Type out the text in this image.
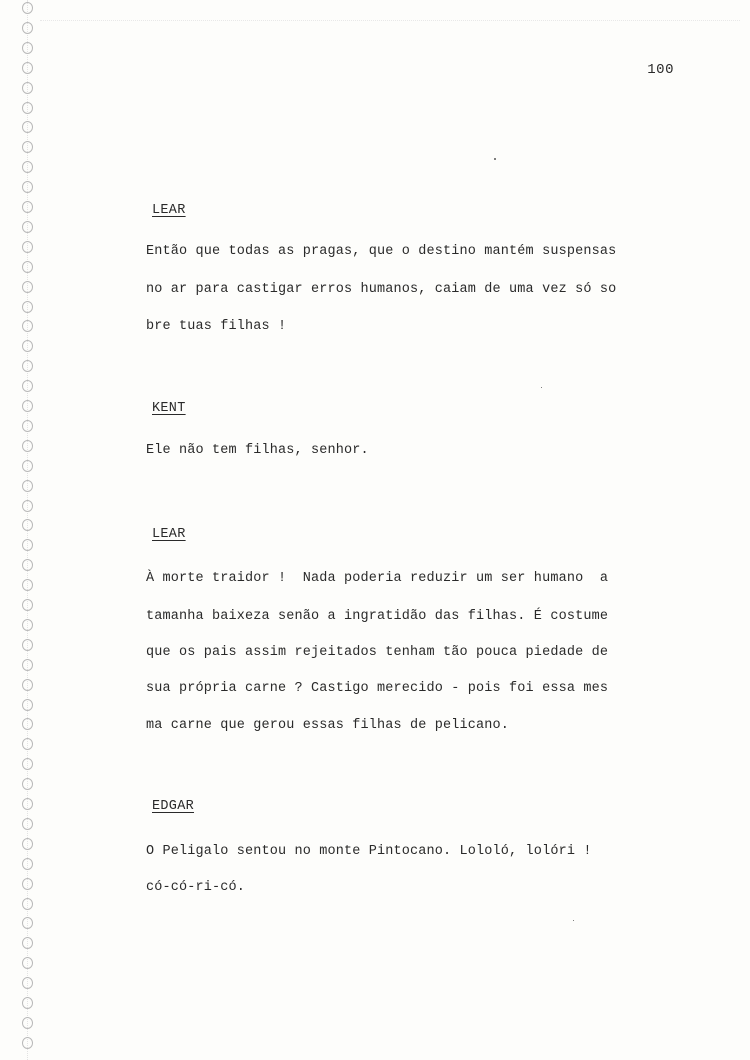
100
LEAR
Então que todas as pragas, que o destino mantém suspensas
no ar para castigar erros humanos, caiam de uma vez só so
bre tuas filhas !
KENT
Ele não tem filhas, senhor.
LEAR
À morte traidor !  Nada poderia reduzir um ser humano  a
tamanha baixeza senão a ingratidão das filhas. É costume
que os pais assim rejeitados tenham tão pouca piedade de
sua própria carne ? Castigo merecido - pois foi essa mes
ma carne que gerou essas filhas de pelicano.
EDGAR
O Peligalo sentou no monte Pintocano. Lololó, lolóri !
có-có-ri-có.
